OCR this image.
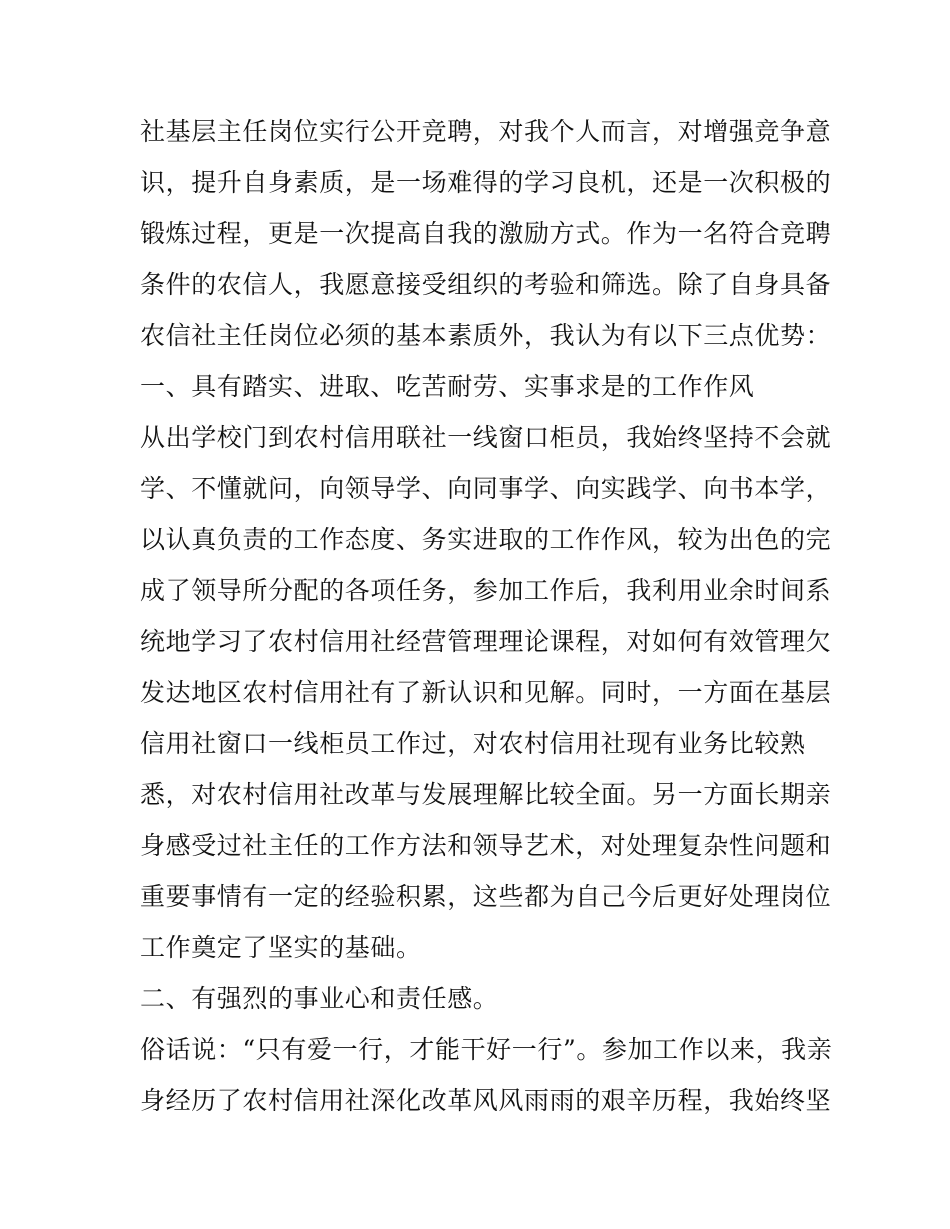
社基层主任岗位实行公开竞聘，对我个人而言，对增强竞争意
识，提升自身素质，是一场难得的学习良机，还是一次积极的
锻炼过程，更是一次提高自我的激励方式。作为一名符合竞聘
条件的农信人，我愿意接受组织的考验和筛选。除了自身具备
农信社主任岗位必须的基本素质外，我认为有以下三点优势：
一、具有踏实、进取、吃苦耐劳、实事求是的工作作风
从出学校门到农村信用联社一线窗口柜员，我始终坚持不会就
学、不懂就问，向领导学、向同事学、向实践学、向书本学，
以认真负责的工作态度、务实进取的工作作风，较为出色的完
成了领导所分配的各项任务，参加工作后，我利用业余时间系
统地学习了农村信用社经营管理理论课程，对如何有效管理欠
发达地区农村信用社有了新认识和见解。同时，一方面在基层
信用社窗口一线柜员工作过，对农村信用社现有业务比较熟
悉，对农村信用社改革与发展理解比较全面。另一方面长期亲
身感受过社主任的工作方法和领导艺术，对处理复杂性问题和
重要事情有一定的经验积累，这些都为自己今后更好处理岗位
工作奠定了坚实的基础。
二、有强烈的事业心和责任感。
俗话说：“只有爱一行，才能干好一行”。参加工作以来，我亲
身经历了农村信用社深化改革风风雨雨的艰辛历程，我始终坚
